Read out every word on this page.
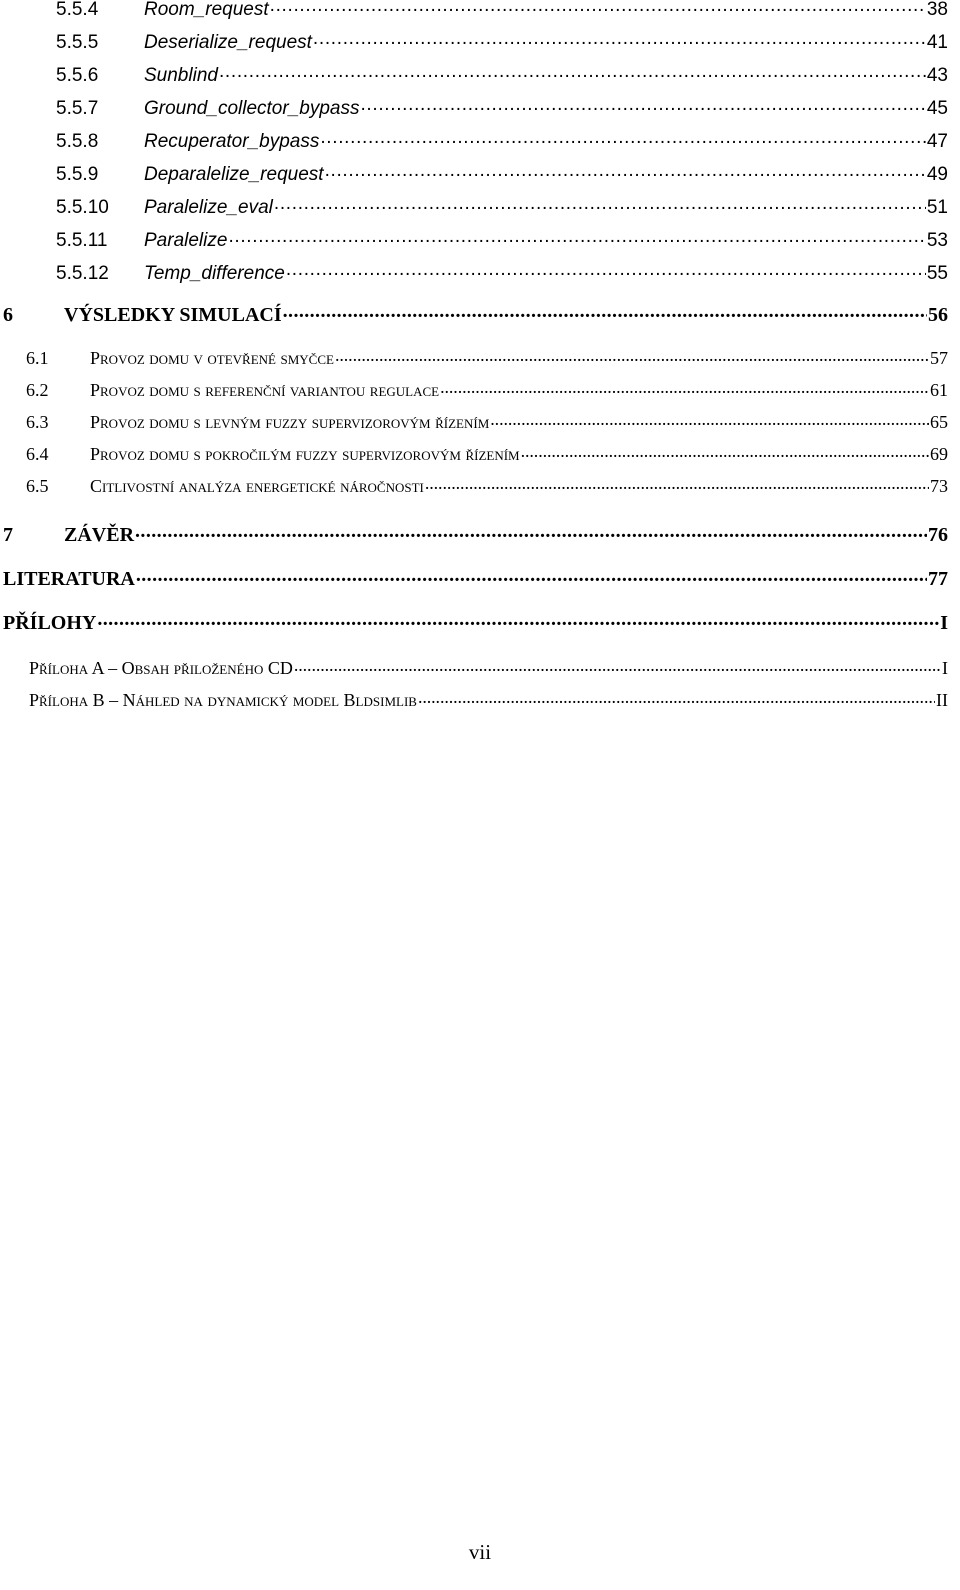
5.5.4	Room_request . . .	38
5.5.5	Deserialize_request . . .	41
5.5.6	Sunblind . . .	43
5.5.7	Ground_collector_bypass . . .	45
5.5.8	Recuperator_bypass . . .	47
5.5.9	Deparalelize_request . . .	49
5.5.10	Paralelize_eval . . .	51
5.5.11	Paralelize . . .	53
5.5.12	Temp_difference . . .	55
6	VÝSLEDKY SIMULACÍ . . .	56
6.1	Provoz domu v otevřené smyčce . . .	57
6.2	Provoz domu s referenční variantou regulace . . .	61
6.3	Provoz domu s levným fuzzy supervizorovým řízením . . .	65
6.4	Provoz domu s pokročilým fuzzy supervizorovým řízením . . .	69
6.5	Citlivostní analýza energetické náročnosti . . .	73
7	ZÁVĚR . . .	76
LITERATURA . . .	77
PŘÍLOHY . . .	I
Příloha A – Obsah přiloženého CD . . .	I
Příloha B – Náhled na dynamický model Bldsimlib . . .	II
vii
